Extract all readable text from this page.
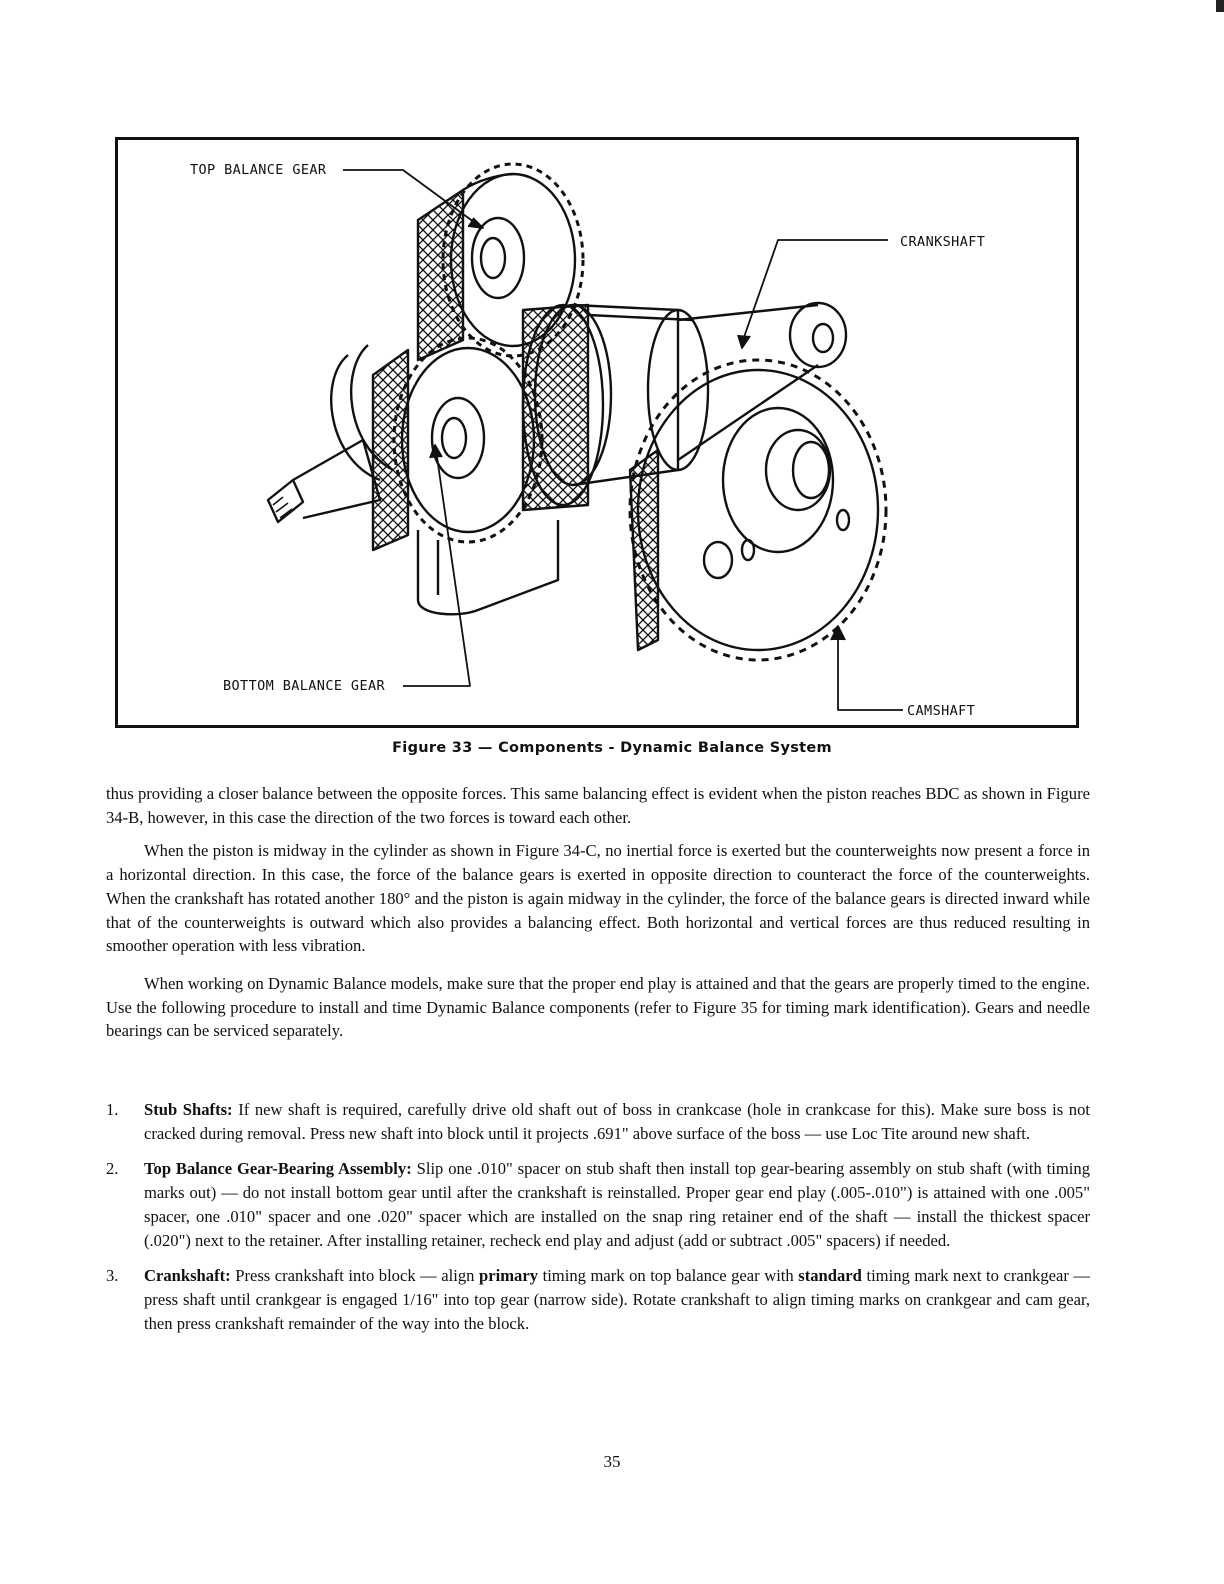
TOP BALANCE GEAR
CRANKSHAFT
BOTTOM BALANCE GEAR
CAMSHAFT
Figure 33 — Components - Dynamic Balance System

thus providing a closer balance between the opposite forces. This same balancing effect is evident when the piston reaches BDC as shown in Figure 34-B, however, in this case the direction of the two forces is toward each other.

When the piston is midway in the cylinder as shown in Figure 34-C, no inertial force is exerted but the counterweights now present a force in a horizontal direction. In this case, the force of the balance gears is exerted in opposite direction to counteract the force of the counterweights. When the crankshaft has rotated another 180° and the piston is again midway in the cylinder, the force of the balance gears is directed inward while that of the counterweights is outward which also provides a balancing effect. Both horizontal and vertical forces are thus reduced resulting in smoother operation with less vibration.

When working on Dynamic Balance models, make sure that the proper end play is attained and that the gears are properly timed to the engine. Use the following procedure to install and time Dynamic Balance components (refer to Figure 35 for timing mark identification). Gears and needle bearings can be serviced separately.

1. Stub Shafts: If new shaft is required, carefully drive old shaft out of boss in crankcase (hole in crankcase for this). Make sure boss is not cracked during removal. Press new shaft into block until it projects .691" above surface of the boss — use Loc Tite around new shaft.
2. Top Balance Gear-Bearing Assembly: Slip one .010" spacer on stub shaft then install top gear-bearing assembly on stub shaft (with timing marks out) — do not install bottom gear until after the crankshaft is reinstalled. Proper gear end play (.005-.010") is attained with one .005" spacer, one .010" spacer and one .020" spacer which are installed on the snap ring retainer end of the shaft — install the thickest spacer (.020") next to the retainer. After installing retainer, recheck end play and adjust (add or subtract .005" spacers) if needed.
3. Crankshaft: Press crankshaft into block — align primary timing mark on top balance gear with standard timing mark next to crankgear — press shaft until crankgear is engaged 1/16" into top gear (narrow side). Rotate crankshaft to align timing marks on crankgear and cam gear, then press crankshaft remainder of the way into the block.
35
